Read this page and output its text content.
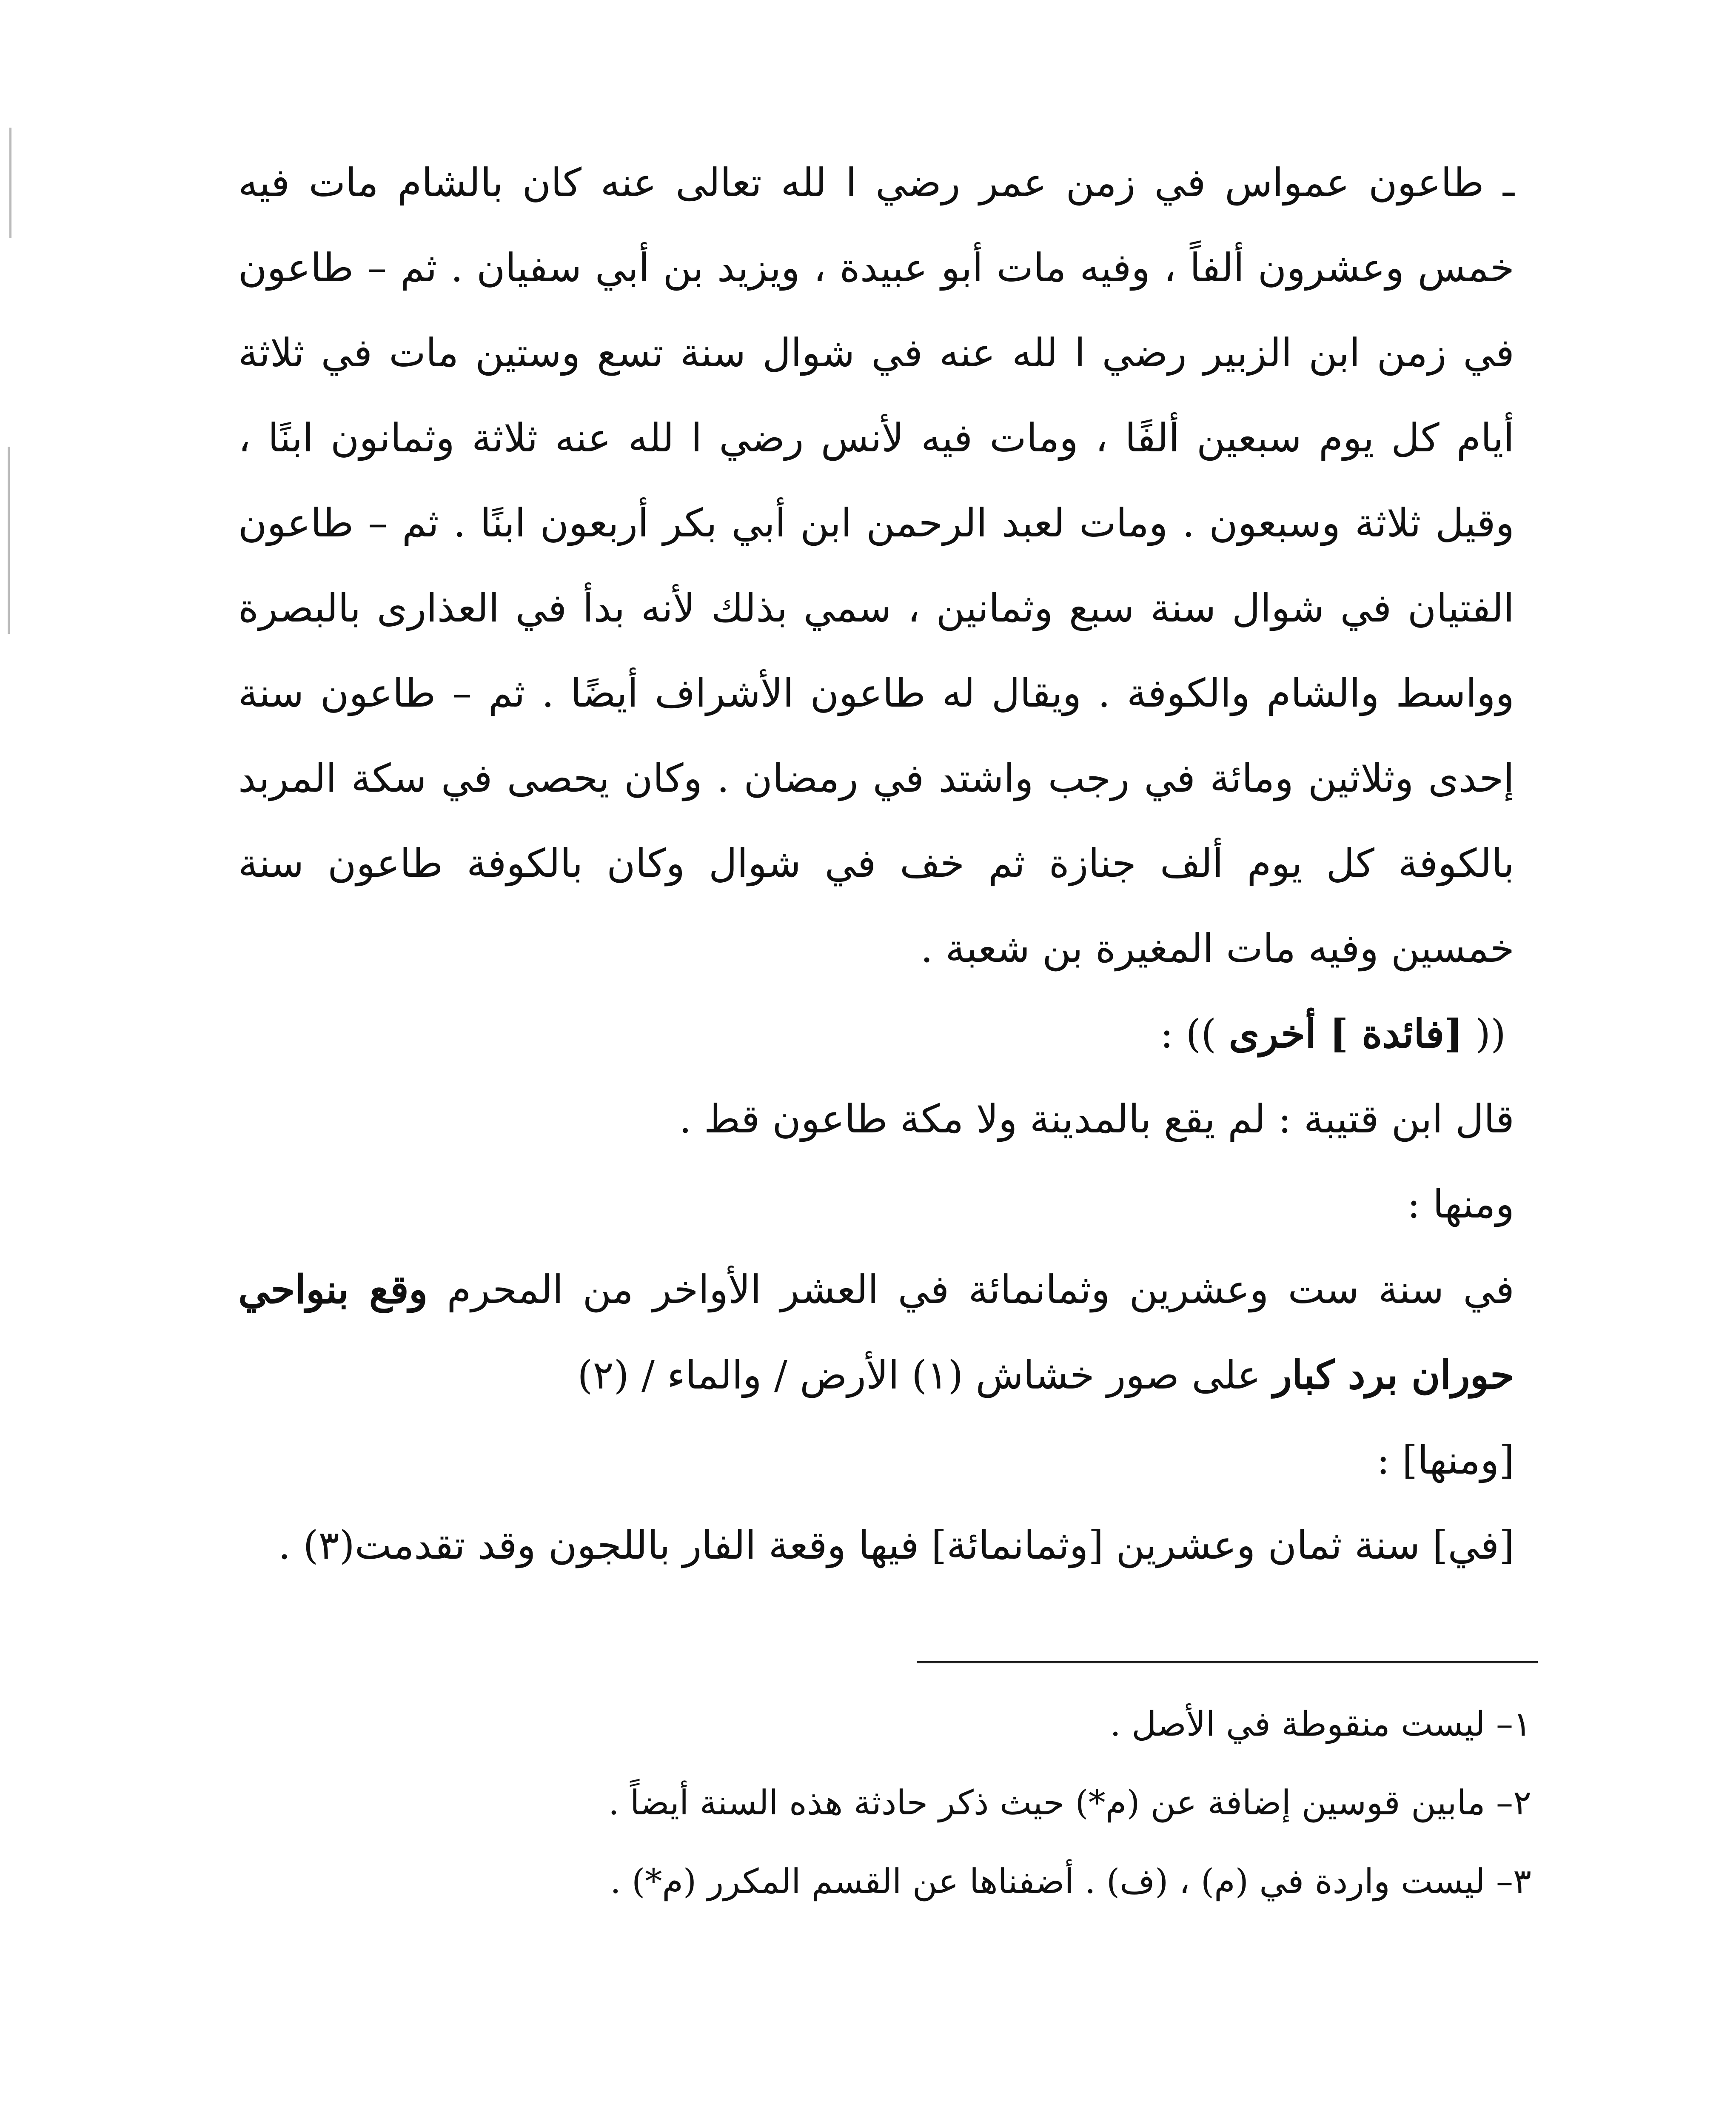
ـ طاعون عمواس في زمن عمر رضي ا لله تعالى عنه كان بالشام مات فيه خمس وعشرون ألفاً ، وفيه مات أبو عبيدة ، ويزيد بن أبي سفيان . ثم – طاعون في زمن ابن الزبير رضي ا لله عنه في شوال سنة تسع وستين مات في ثلاثة أيام كل يوم سبعين ألفًا ، ومات فيه لأنس رضي ا لله عنه ثلاثة وثمانون ابنًا ، وقيل ثلاثة وسبعون . ومات لعبد الرحمن ابن أبي بكر أربعون ابنًا . ثم – طاعون الفتيان في شوال سنة سبع وثمانين ، سمي بذلك لأنه بدأ في العذارى بالبصرة وواسط والشام والكوفة . ويقال له طاعون الأشراف أيضًا . ثم – طاعون سنة إحدى وثلاثين ومائة في رجب واشتد في رمضان . وكان يحصى في سكة المربد بالكوفة كل يوم ألف جنازة ثم خف في شوال وكان بالكوفة طاعون سنة خمسين وفيه مات المغيرة بن شعبة .

(( [فائدة ] أخرى )) :

قال ابن قتيبة : لم يقع بالمدينة ولا مكة طاعون قط .

ومنها :

في سنة ست وعشرين وثمانمائة في العشر الأواخر من المحرم وقع بنواحي حوران برد كبار على صور خشاش (١) الأرض / والماء / (٢)

[ومنها] :

[في] سنة ثمان وعشرين [وثمانمائة] فيها وقعة الفار باللجون وقد تقدمت(٣) .

١– ليست منقوطة في الأصل .

٢– مابين قوسين إضافة عن (م*) حيث ذكر حادثة هذه السنة أيضاً .

٣– ليست واردة في (م) ، (ف) . أضفناها عن القسم المكرر (م*) .
